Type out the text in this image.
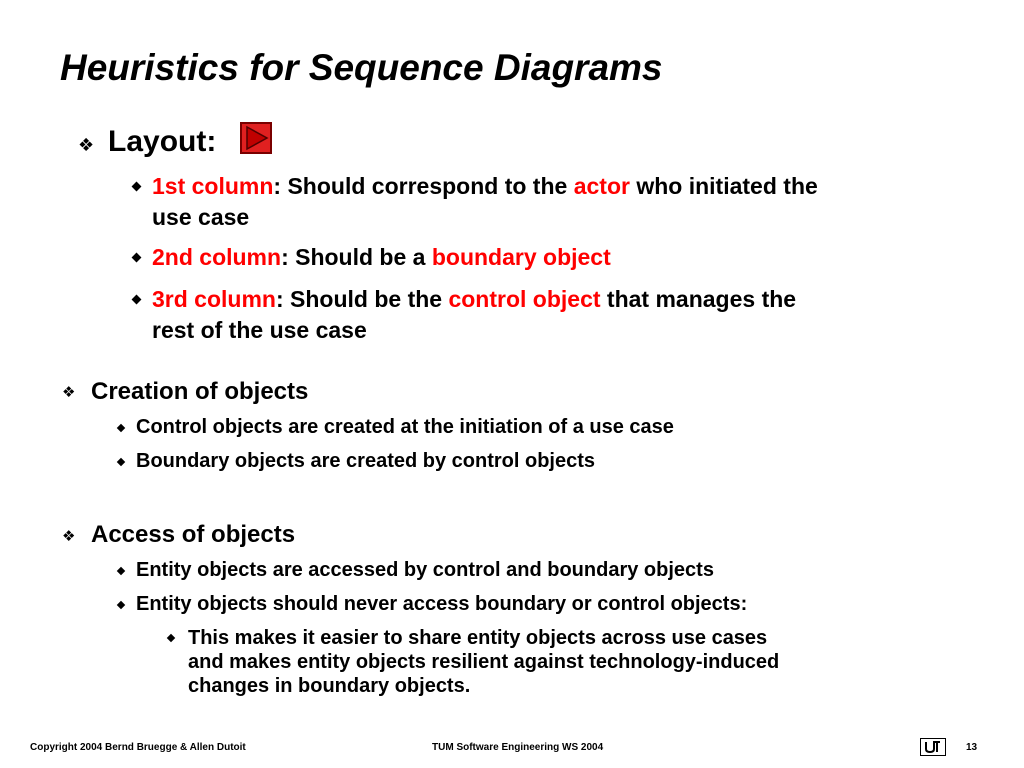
Heuristics for Sequence Diagrams
❖ Layout:
1st column: Should correspond to the actor who initiated the
use case
2nd column: Should be a boundary object
3rd column: Should be the control object that manages the
rest of the use case
❖ Creation of objects
Control objects are created at the initiation of a use case
Boundary objects are created by control objects
❖ Access of objects
Entity objects are accessed by control and boundary objects
Entity objects should never access boundary or control objects:
This makes it easier to share entity objects across use cases
and makes entity objects resilient against technology-induced
changes in boundary objects.
Copyright 2004 Bernd Bruegge & Allen Dutoit	TUM Software Engineering WS 2004	13
